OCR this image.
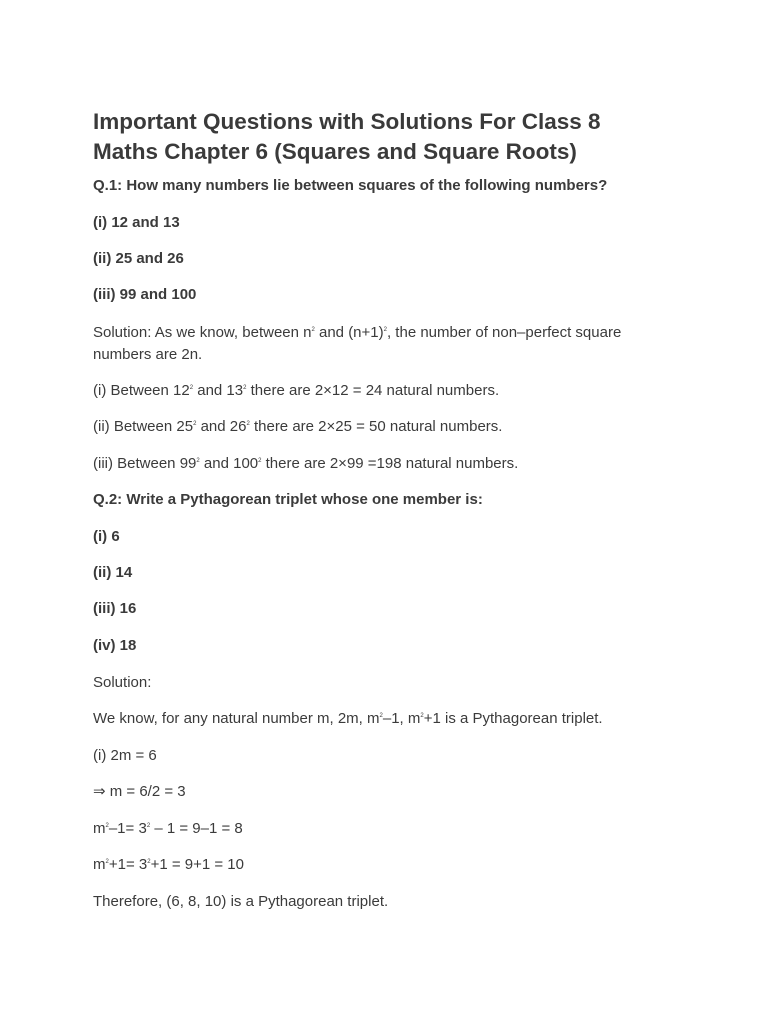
Important Questions with Solutions For Class 8
Maths Chapter 6 (Squares and Square Roots)

Q.1: How many numbers lie between squares of the following numbers?

(i) 12 and 13

(ii) 25 and 26

(iii) 99 and 100

Solution: As we know, between $n^2$ and $(n+1)^2$, the number of non–perfect square
numbers are 2n.

(i) Between $12^2$ and $13^2$ there are 2×12 = 24 natural numbers.

(ii) Between $25^2$ and $26^2$ there are 2×25 = 50 natural numbers.

(iii) Between $99^2$ and $100^2$ there are 2×99 =198 natural numbers.

Q.2: Write a Pythagorean triplet whose one member is:

(i) 6

(ii) 14

(iii) 16

(iv) 18

Solution:

We know, for any natural number m, 2m, $m^2-1$, $m^2+1$ is a Pythagorean triplet.

(i) 2m = 6

⇒ m = 6/2 = 3

$m^2-1= 3^2 - 1 = 9-1 = 8$

$m^2+1= 3^2+1 = 9+1 = 10$

Therefore, (6, 8, 10) is a Pythagorean triplet.
